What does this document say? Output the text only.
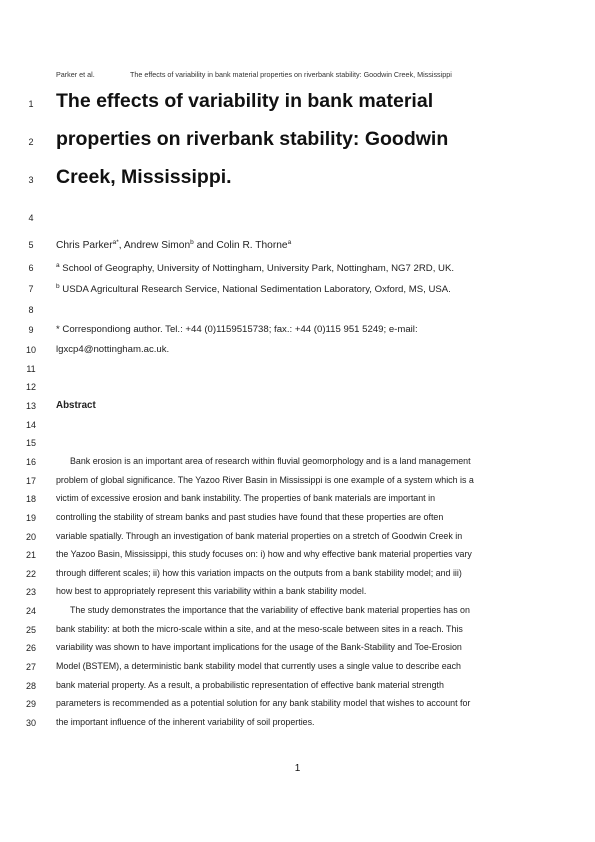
Parker et al.	The effects of variability in bank material properties on riverbank stability: Goodwin Creek, Mississippi
1
2
3
4
5
6
7
8
9
10
11
12
13
14
15
16
17
18
19
20
21
22
23
24
25
26
27
28
29
30
The effects of variability in bank material
properties on riverbank stability: Goodwin
Creek, Mississippi.
Chris Parker$^{a*}$, Andrew Simon$^b$ and Colin R. Thorne$^a$
$^a$ School of Geography, University of Nottingham, University Park, Nottingham, NG7 2RD, UK.
$^b$ USDA Agricultural Research Service, National Sedimentation Laboratory, Oxford, MS, USA.
* Correspondiong author. Tel.: +44 (0)1159515738; fax.: +44 (0)115 951 5249; e-mail:
lgxcp4@nottingham.ac.uk.
Abstract
Bank erosion is an important area of research within fluvial geomorphology and is a land management
problem of global significance. The Yazoo River Basin in Mississippi is one example of a system which is a
victim of excessive erosion and bank instability. The properties of bank materials are important in
controlling the stability of stream banks and past studies have found that these properties are often
variable spatially. Through an investigation of bank material properties on a stretch of Goodwin Creek in
the Yazoo Basin, Mississippi, this study focuses on: i) how and why effective bank material properties vary
through different scales; ii) how this variation impacts on the outputs from a bank stability model; and iii)
how best to appropriately represent this variability within a bank stability model.
The study demonstrates the importance that the variability of effective bank material properties has on
bank stability: at both the micro-scale within a site, and at the meso-scale between sites in a reach. This
variability was shown to have important implications for the usage of the Bank-Stability and Toe-Erosion
Model (BSTEM), a deterministic bank stability model that currently uses a single value to describe each
bank material property. As a result, a probabilistic representation of effective bank material strength
parameters is recommended as a potential solution for any bank stability model that wishes to account for
the important influence of the inherent variability of soil properties.
1
